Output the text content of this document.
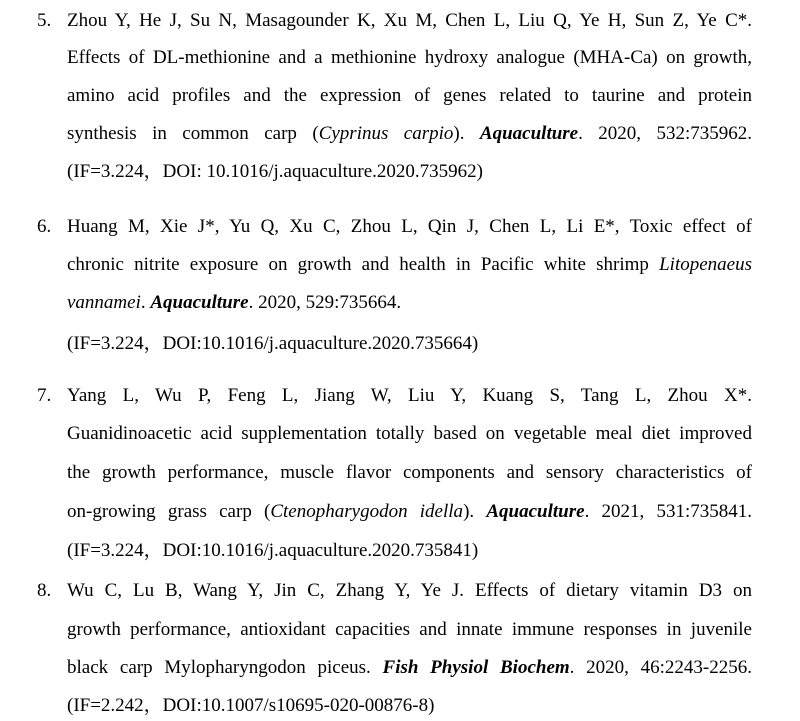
5. Zhou Y, He J, Su N, Masagounder K, Xu M, Chen L, Liu Q, Ye H, Sun Z, Ye C*.
Effects of DL-methionine and a methionine hydroxy analogue (MHA-Ca) on growth,
amino acid profiles and the expression of genes related to taurine and protein
synthesis in common carp (Cyprinus carpio). Aquaculture. 2020, 532:735962.
(IF=3.224，DOI: 10.1016/j.aquaculture.2020.735962)
6. Huang M, Xie J*, Yu Q, Xu C, Zhou L, Qin J, Chen L, Li E*, Toxic effect of
chronic nitrite exposure on growth and health in Pacific white shrimp Litopenaeus
vannamei. Aquaculture. 2020, 529:735664.
(IF=3.224，DOI:10.1016/j.aquaculture.2020.735664)
7. Yang L, Wu P, Feng L, Jiang W, Liu Y, Kuang S, Tang L, Zhou X*.
Guanidinoacetic acid supplementation totally based on vegetable meal diet improved
the growth performance, muscle flavor components and sensory characteristics of
on-growing grass carp (Ctenopharygodon idella). Aquaculture. 2021, 531:735841.
(IF=3.224，DOI:10.1016/j.aquaculture.2020.735841)
8. Wu C, Lu B, Wang Y, Jin C, Zhang Y, Ye J. Effects of dietary vitamin D3 on
growth performance, antioxidant capacities and innate immune responses in juvenile
black carp Mylopharyngodon piceus. Fish Physiol Biochem. 2020, 46:2243-2256.
(IF=2.242，DOI:10.1007/s10695-020-00876-8)
